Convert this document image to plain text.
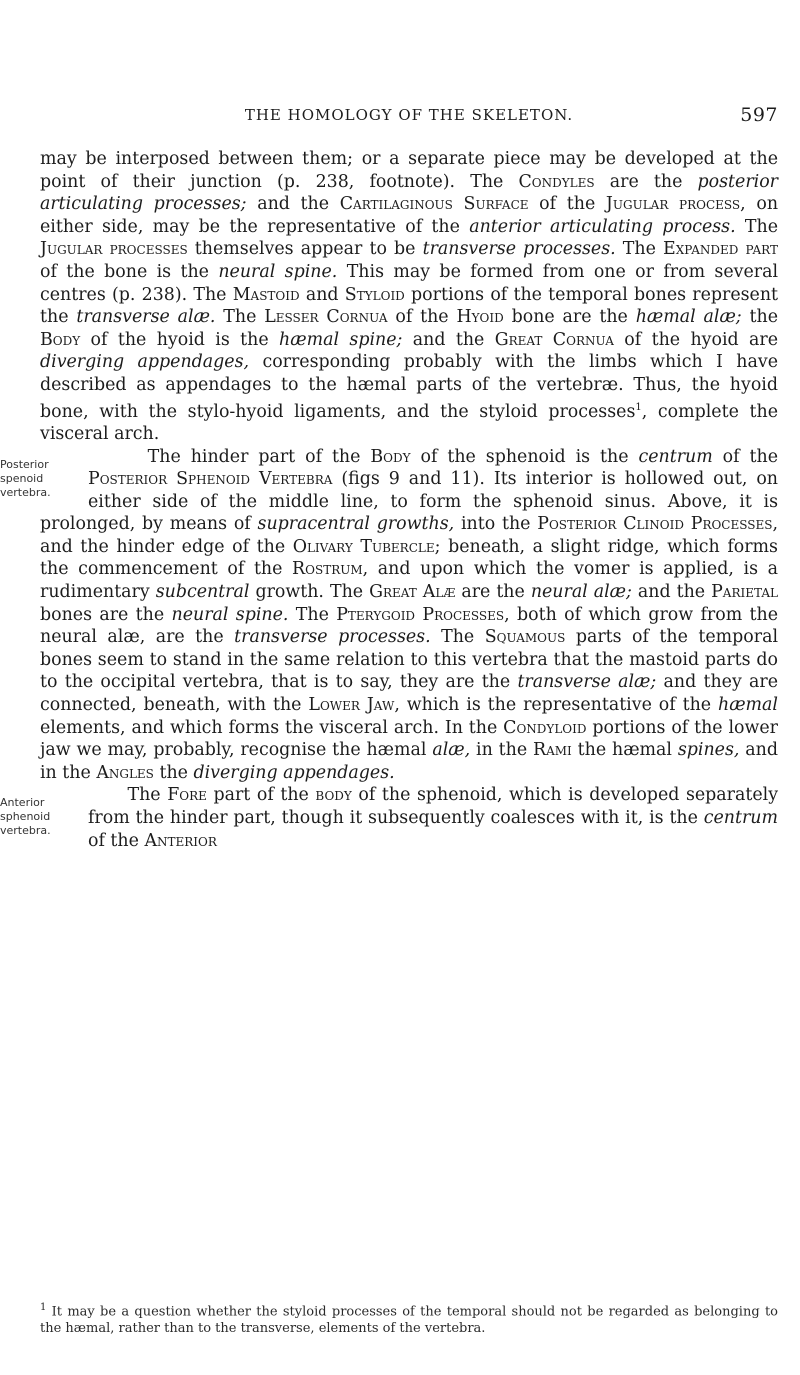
THE HOMOLOGY OF THE SKELETON.	597

may be interposed between them; or a separate piece may be developed at the point of their junction (p. 238, footnote). The Condyles are the posterior articulating processes; and the Cartilaginous Surface of the Jugular process, on either side, may be the representative of the anterior articulating process. The Jugular processes themselves appear to be transverse processes. The Expanded part of the bone is the neural spine. This may be formed from one or from several centres (p. 238). The Mastoid and Styloid portions of the temporal bones represent the transverse alæ. The Lesser Cornua of the Hyoid bone are the hæmal alæ; the Body of the hyoid is the hæmal spine; and the Great Cornua of the hyoid are diverging appendages, corresponding probably with the limbs which I have described as appendages to the hæmal parts of the vertebræ. Thus, the hyoid bone, with the stylo-hyoid ligaments, and the styloid processes$^1$, complete the visceral arch.

Posterior spenoid vertebra.
The hinder part of the Body of the sphenoid is the centrum of the Posterior Sphenoid Vertebra (figs 9 and 11). Its interior is hollowed out, on either side of the middle line, to form the sphenoid sinus. Above, it is prolonged, by means of supracentral growths, into the Posterior Clinoid Processes, and the hinder edge of the Olivary Tubercle; beneath, a slight ridge, which forms the commencement of the Rostrum, and upon which the vomer is applied, is a rudimentary subcentral growth. The Great Alæ are the neural alæ; and the Parietal bones are the neural spine. The Pterygoid Processes, both of which grow from the neural alæ, are the transverse processes. The Squamous parts of the temporal bones seem to stand in the same relation to this vertebra that the mastoid parts do to the occipital vertebra, that is to say, they are the transverse alæ; and they are connected, beneath, with the Lower Jaw, which is the representative of the hæmal elements, and which forms the visceral arch. In the Condyloid portions of the lower jaw we may, probably, recognise the hæmal alæ, in the Rami the hæmal spines, and in the Angles the diverging appendages.

Anterior sphenoid vertebra.
The Fore part of the body of the sphenoid, which is developed separately from the hinder part, though it subsequently coalesces with it, is the centrum of the Anterior

$^1$ It may be a question whether the styloid processes of the temporal should not be regarded as belonging to the hæmal, rather than to the transverse, elements of the vertebra.
